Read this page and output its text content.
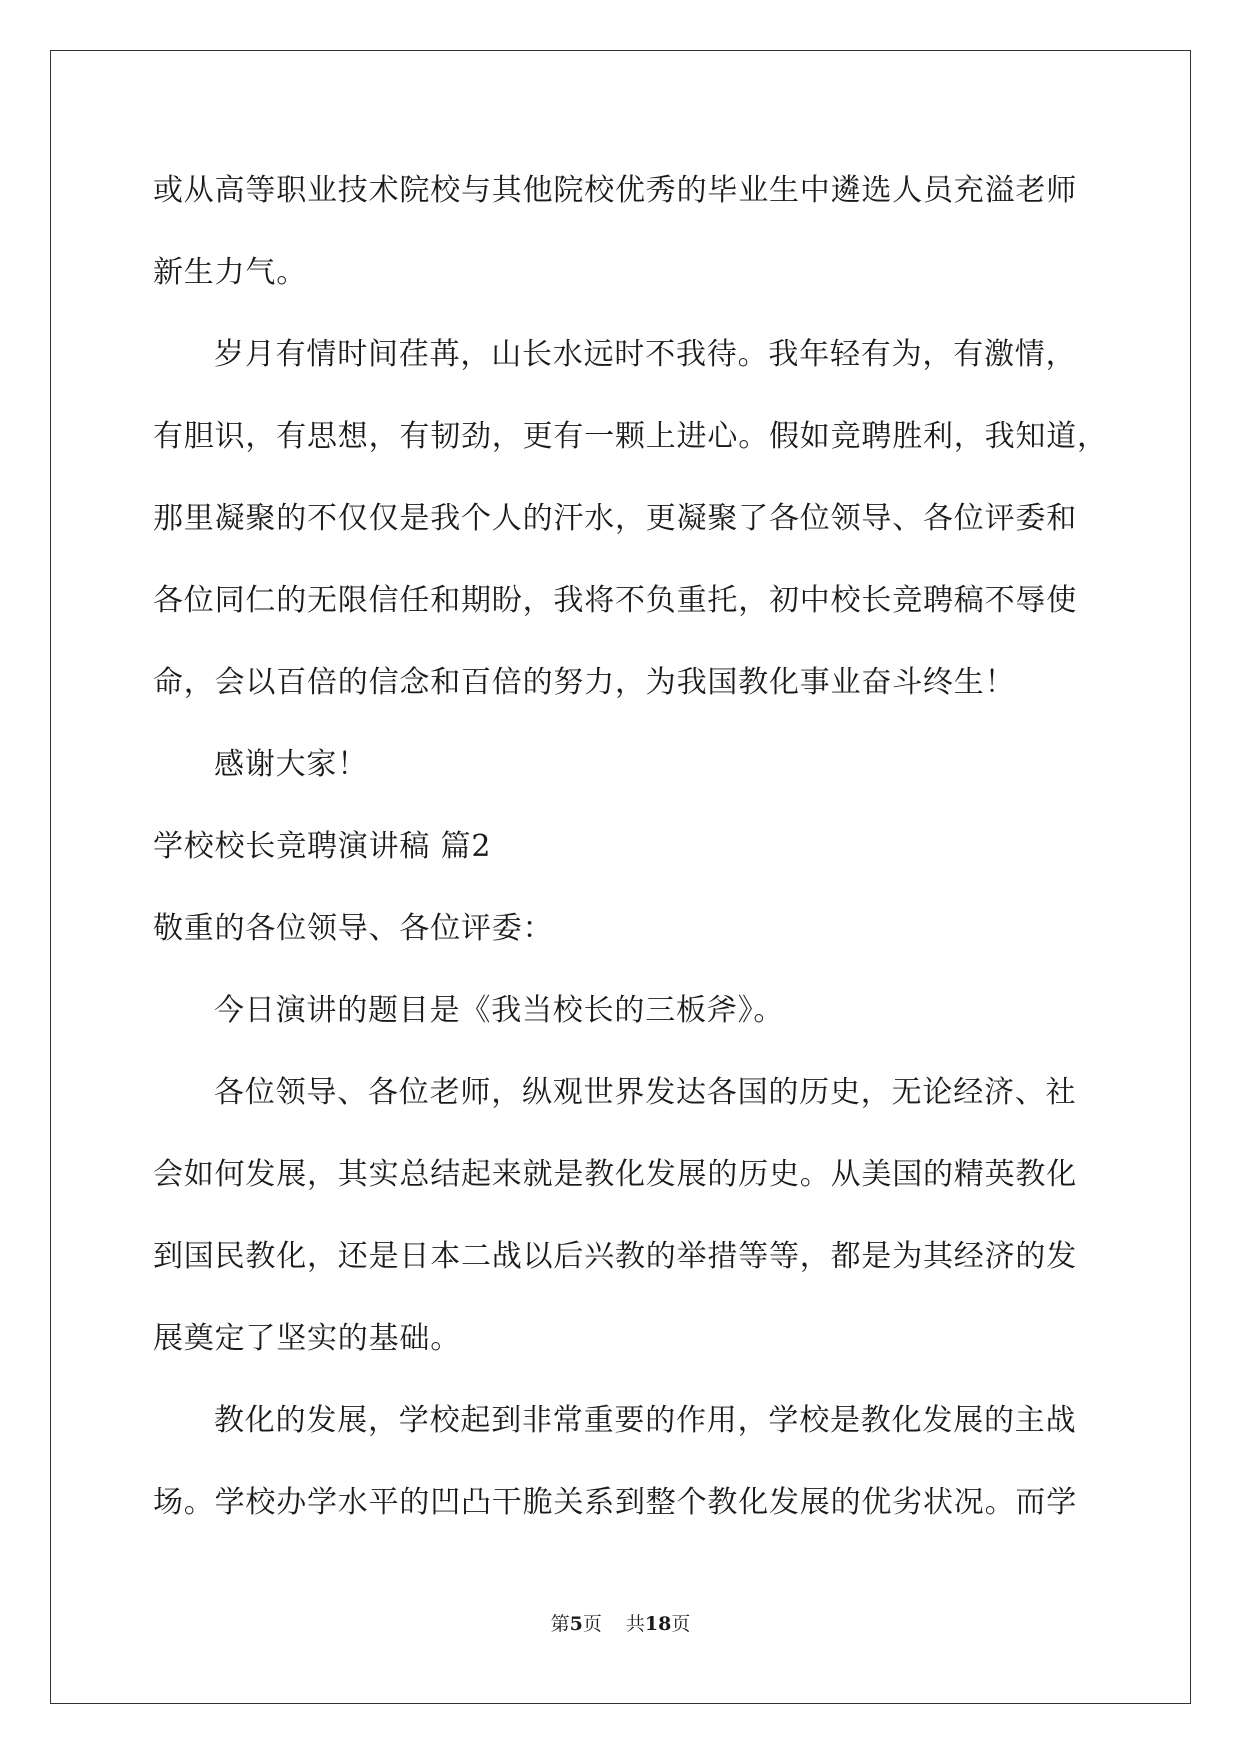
或从高等职业技术院校与其他院校优秀的毕业生中遴选人员充溢老师

新生力气。

岁月有情时间荏苒，山长水远时不我待。我年轻有为，有激情，

有胆识，有思想，有韧劲，更有一颗上进心。假如竞聘胜利，我知道，

那里凝聚的不仅仅是我个人的汗水，更凝聚了各位领导、各位评委和

各位同仁的无限信任和期盼，我将不负重托，初中校长竞聘稿不辱使

命，会以百倍的信念和百倍的努力，为我国教化事业奋斗终生！

感谢大家！

学校校长竞聘演讲稿 篇2

敬重的各位领导、各位评委：

今日演讲的题目是《我当校长的三板斧》。

各位领导、各位老师，纵观世界发达各国的历史，无论经济、社

会如何发展，其实总结起来就是教化发展的历史。从美国的精英教化

到国民教化，还是日本二战以后兴教的举措等等，都是为其经济的发

展奠定了坚实的基础。

教化的发展，学校起到非常重要的作用，学校是教化发展的主战

场。学校办学水平的凹凸干脆关系到整个教化发展的优劣状况。而学

第5页 共18页
